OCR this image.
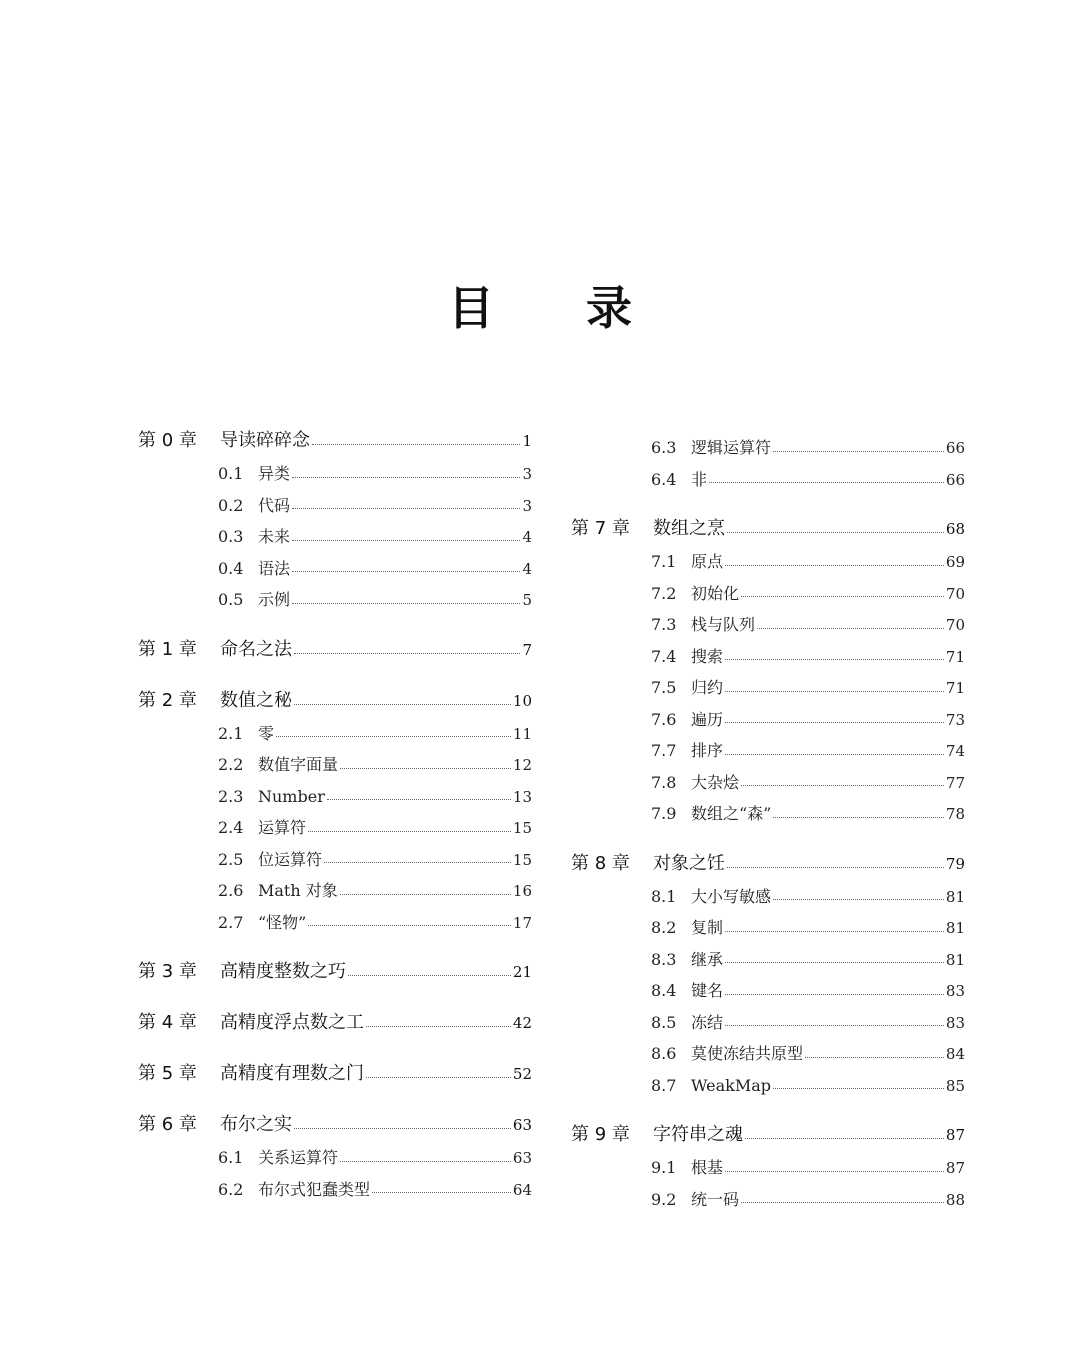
目 录
第 0 章	导读碎碎念	1
0.1 异类	3
0.2 代码	3
0.3 未来	4
0.4 语法	4
0.5 示例	5
第 1 章	命名之法	7
第 2 章	数值之秘	10
2.1 零	11
2.2 数值字面量	12
2.3 Number	13
2.4 运算符	15
2.5 位运算符	15
2.6 Math 对象	16
2.7 “怪物”	17
第 3 章	高精度整数之巧	21
第 4 章	高精度浮点数之工	42
第 5 章	高精度有理数之门	52
第 6 章	布尔之实	63
6.1 关系运算符	63
6.2 布尔式犯蠢类型	64
6.3 逻辑运算符	66
6.4 非	66
第 7 章	数组之烹	68
7.1 原点	69
7.2 初始化	70
7.3 栈与队列	70
7.4 搜索	71
7.5 归约	71
7.6 遍历	73
7.7 排序	74
7.8 大杂烩	77
7.9 数组之“森”	78
第 8 章	对象之饪	79
8.1 大小写敏感	81
8.2 复制	81
8.3 继承	81
8.4 键名	83
8.5 冻结	83
8.6 莫使冻结共原型	84
8.7 WeakMap	85
第 9 章	字符串之魂	87
9.1 根基	87
9.2 统一码	88
